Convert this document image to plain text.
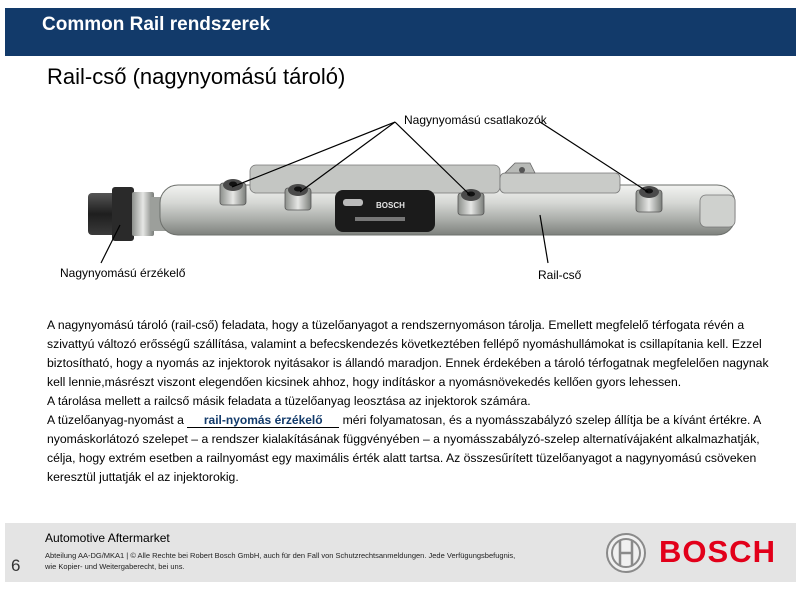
Common Rail rendszerek
Rail-cső (nagynyomású tároló)
BOSCH
Nagynyomású csatlakozók
Nagynyomású érzékelő	Rail-cső

A nagynyomású tároló (rail-cső) feladata, hogy a tüzelőanyagot a rendszernyomáson tárolja. Emellett megfelelő térfogata révén a szivattyú változó erősségű szállítása, valamint a befecskendezés következtében fellépő nyomáshullámokat is csillapítania kell. Ezzel biztosítható, hogy a nyomás az injektorok nyitásakor is állandó maradjon. Ennek érdekében a tároló térfogatnak megfelelően nagynak kell lennie,másrészt viszont elegendően kicsinek ahhoz, hogy indításkor a nyomásnövekedés kellően gyors lehessen.

A tárolása mellett a railcső másik feladata a tüzelőanyag leosztása az injektorok számára.

A tüzelőanyag-nyomást a rail-nyomás érzékelő méri folyamatosan, és a nyomásszabályzó szelep állítja be a kívánt értékre. A nyomáskorlátozó szelepet – a rendszer kialakításának függvényében – a nyomásszabályzó-szelep alternatívájaként alkalmazhatják, célja, hogy extrém esetben a railnyomást egy maximális érték alatt tartsa. Az összesűrített tüzelőanyagot a nagynyomású csöveken keresztül juttatják el az injektorokig.

Automotive Aftermarket
Abteilung AA-DG/MKA1 | © Alle Rechte bei Robert Bosch GmbH, auch für den Fall von Schutzrechtsanmeldungen. Jede Verfügungsbefugnis,
wie Kopier- und Weitergaberecht, bei uns.
6	BOSCH
